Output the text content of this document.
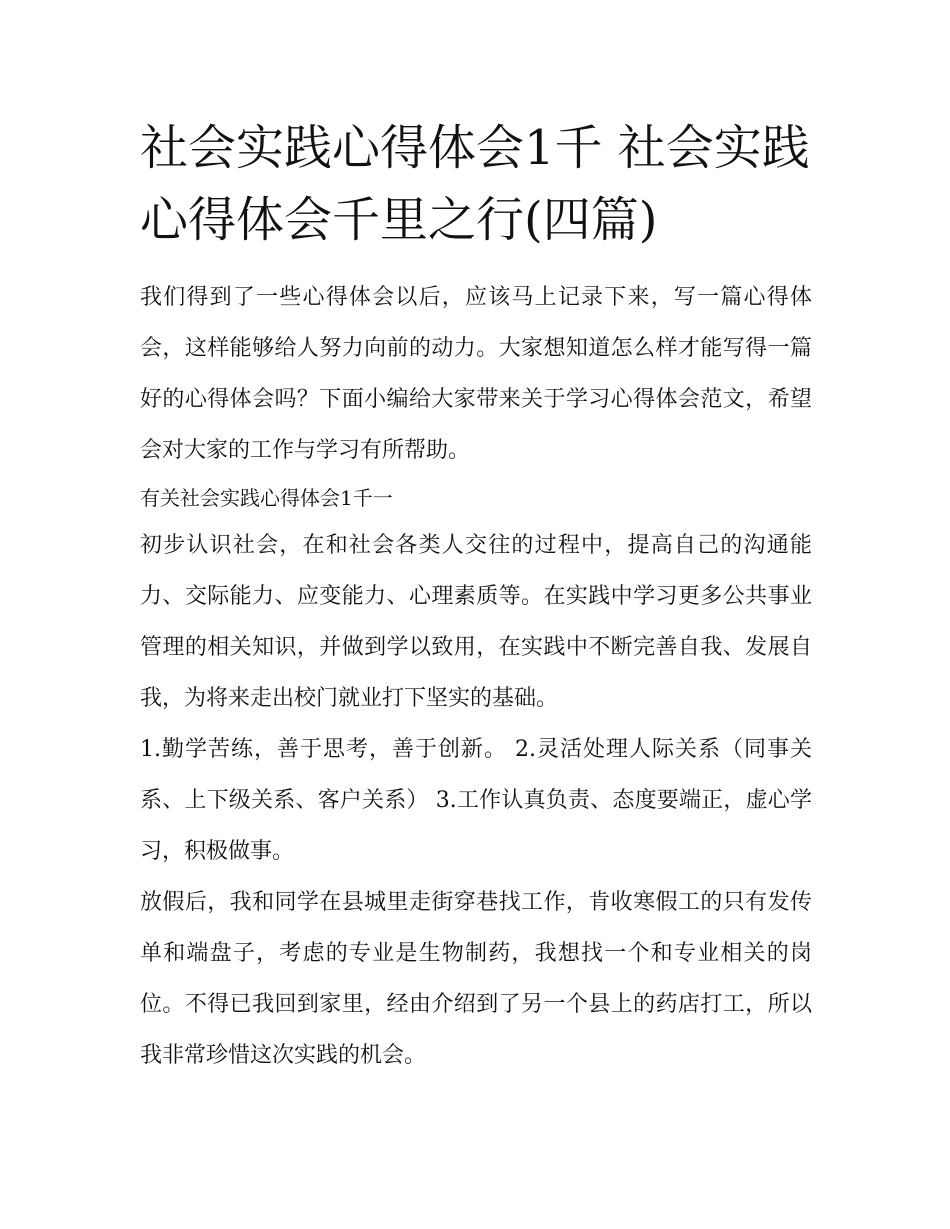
社会实践心得体会1千 社会实践心得体会千里之行(四篇)

我们得到了一些心得体会以后，应该马上记录下来，写一篇心得体会，这样能够给人努力向前的动力。大家想知道怎么样才能写得一篇好的心得体会吗？下面小编给大家带来关于学习心得体会范文，希望会对大家的工作与学习有所帮助。

有关社会实践心得体会1千一

初步认识社会，在和社会各类人交往的过程中，提高自己的沟通能力、交际能力、应变能力、心理素质等。在实践中学习更多公共事业管理的相关知识，并做到学以致用，在实践中不断完善自我、发展自我，为将来走出校门就业打下坚实的基础。

1.勤学苦练，善于思考，善于创新。 2.灵活处理人际关系（同事关系、上下级关系、客户关系） 3.工作认真负责、态度要端正，虚心学习，积极做事。

放假后，我和同学在县城里走街穿巷找工作，肯收寒假工的只有发传单和端盘子，考虑的专业是生物制药，我想找一个和专业相关的岗位。不得已我回到家里，经由介绍到了另一个县上的药店打工，所以我非常珍惜这次实践的机会。
